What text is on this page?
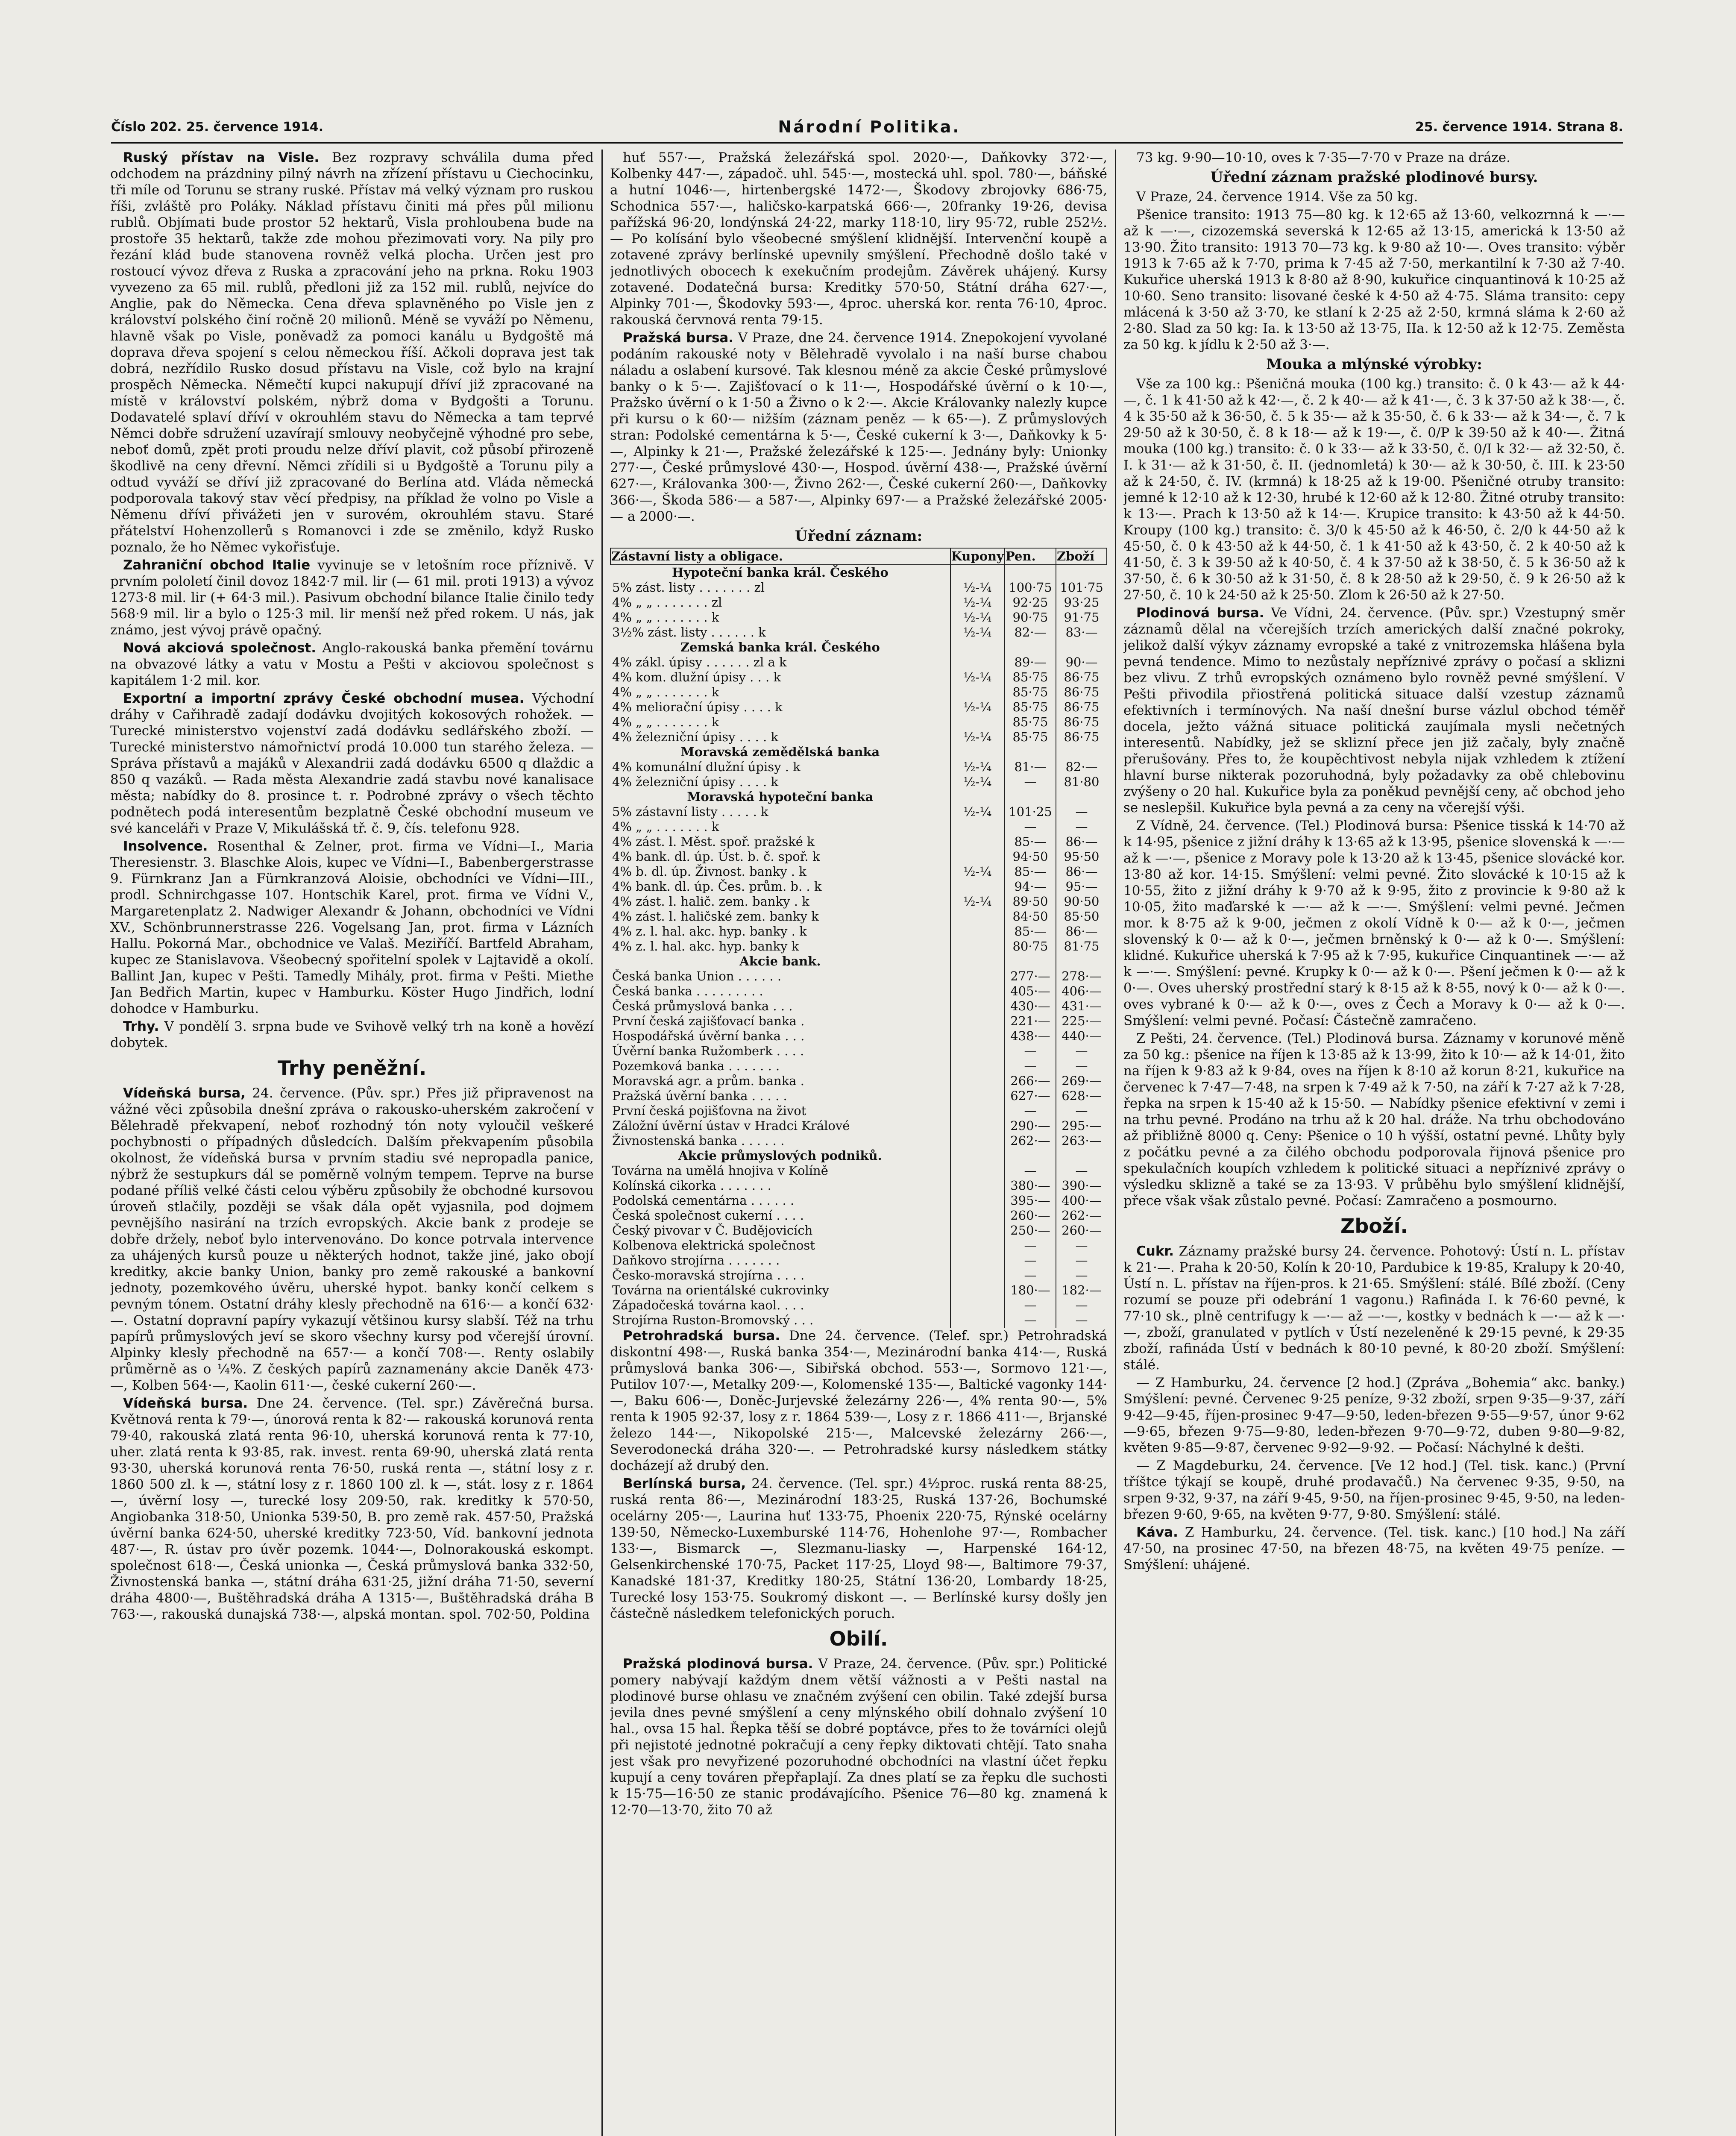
Číslo 202. 25. července 1914.	Národní Politika.	25. července 1914. Strana 8.

Ruský přístav na Visle. Bez rozpravy schválila duma před odchodem na prázdniny pilný návrh na zřízení přístavu u Ciechocinku, tři míle od Torunu se strany ruské. Přístav má velký význam pro ruskou říši, zvláště pro Poláky. Náklad přístavu činiti má přes půl milionu rublů. Objímati bude prostor 52 hektarů, Visla prohloubena bude na prostoře 35 hektarů, takže zde mohou přezimovati vory. Na pily pro řezání klád bude stanovena rovněž velká plocha. Určen jest pro rostoucí vývoz dřeva z Ruska a zpracování jeho na prkna. Roku 1903 vyvezeno za 65 mil. rublů, předloni již za 152 mil. rublů, nejvíce do Anglie, pak do Německa. Cena dřeva splavněného po Visle jen z království polského činí ročně 20 milionů. Méně se vyváží po Němenu, hlavně však po Visle, poněvadž za pomoci kanálu u Bydgoště má doprava dřeva spojení s celou německou říší. Ačkoli doprava jest tak dobrá, nezřídilo Rusko dosud přístavu na Visle, což bylo na krajní prospěch Německa. Němečtí kupci nakupují dříví již zpracované na místě v království polském, nýbrž doma v Bydgošti a Torunu. Dodavatelé splaví dříví v okrouhlém stavu do Německa a tam teprvé Němci dobře sdružení uzavírají smlouvy neobyčejně výhodné pro sebe, neboť domů, zpět proti proudu nelze dříví plavit, což působí přirozeně škodlivě na ceny dřevní. Němci zřídili si u Bydgoště a Torunu pily a odtud vyváží se dříví již zpracované do Berlína atd. Vláda německá podporovala takový stav věcí předpisy, na příklad že volno po Visle a Němenu dříví přivážeti jen v surovém, okrouhlém stavu. Staré přátelství Hohenzollerů s Romanovci i zde se změnilo, když Rusko poznalo, že ho Němec vykořisťuje.

Zahraniční obchod Italie vyvinuje se v letošním roce příznivě. V prvním pololetí činil dovoz 1842·7 mil. lir (— 61 mil. proti 1913) a vývoz 1273·8 mil. lir (+ 64·3 mil.). Pasivum obchodní bilance Italie činilo tedy 568·9 mil. lir a bylo o 125·3 mil. lir menší než před rokem. U nás, jak známo, jest vývoj právě opačný.

Nová akciová společnost. Anglo-rakouská banka přemění továrnu na obvazové látky a vatu v Mostu a Pešti v akciovou společnost s kapitálem 1·2 mil. kor.

Exportní a importní zprávy České obchodní musea. Východní dráhy v Cařihradě zadají dodávku dvojitých kokosových rohožek. — Turecké ministerstvo vojenství zadá dodávku sedlářského zboží. — Turecké ministerstvo námořnictví prodá 10.000 tun starého železa. — Správa přístavů a majáků v Alexandrii zadá dodávku 6500 q dlaždic a 850 q vazáků. — Rada města Alexandrie zadá stavbu nové kanalisace města; nabídky do 8. prosince t. r. Podrobné zprávy o všech těchto podnětech podá interesentům bezplatně České obchodní museum ve své kanceláři v Praze V, Mikulášská tř. č. 9, čís. telefonu 928.

Insolvence. Rosenthal & Zelner, prot. firma ve Vídni—I., Maria Theresienstr. 3. Blaschke Alois, kupec ve Vídni—I., Babenbergerstrasse 9. Fürnkranz Jan a Fürnkranzová Aloisie, obchodníci ve Vídni—III., prodl. Schnirchgasse 107. Hontschik Karel, prot. firma ve Vídni V., Margaretenplatz 2. Nadwiger Alexandr & Johann, obchodníci ve Vídni XV., Schönbrunnerstrasse 226. Vogelsang Jan, prot. firma v Lázních Hallu. Pokorná Mar., obchodnice ve Valaš. Meziříčí. Bartfeld Abraham, kupec ze Stanislavova. Všeobecný spořitelní spolek v Lajtavidě a okolí. Ballint Jan, kupec v Pešti. Tamedly Mihály, prot. firma v Pešti. Miethe Jan Bedřich Martin, kupec v Hamburku. Köster Hugo Jindřich, lodní dohodce v Hamburku.

Trhy. V pondělí 3. srpna bude ve Svihově velký trh na koně a hovězí dobytek.

Trhy peněžní.

Vídeňská bursa, 24. července. (Pův. spr.) Přes již připravenost na vážné věci způsobila dnešní zpráva o rakousko-uherském zakročení v Bělehradě překvapení, neboť rozhodný tón noty vyloučil veškeré pochybnosti o případných důsledcích. Dalším překvapením působila okolnost, že vídeňská bursa v prvním stadiu své nepropadla panice, nýbrž že sestupkurs dál se poměrně volným tempem. Teprve na burse podané příliš velké části celou výběru způsobily že obchodné kursovou úroveň stlačily, později se však dála opět vyjasnila, pod dojmem pevnějšího nasirání na trzích evropských. Akcie bank z prodeje se dobře držely, neboť bylo intervenováno. Do konce potrvala intervence za uhájených kursů pouze u některých hodnot, takže jiné, jako obojí kreditky, akcie banky Union, banky pro země rakouské a bankovní jednoty, pozemkového úvěru, uherské hypot. banky končí celkem s pevným tónem. Ostatní dráhy klesly přechodně na 616·— a končí 632·—. Ostatní dopravní papíry vykazují většinou kursy slabší. Též na trhu papírů průmyslových jeví se skoro všechny kursy pod včerejší úrovní. Alpinky klesly přechodně na 657·— a končí 708·—. Renty oslabily průměrně as o ¼%. Z českých papírů zaznamenány akcie Daněk 473·—, Kolben 564·—, Kaolin 611·—, české cukerní 260·—.

Vídeňská bursa. Dne 24. července. (Tel. spr.) Závěrečná bursa. Květnová renta k 79·—, únorová renta k 82·— rakouská korunová renta 79·40, rakouská zlatá renta 96·10, uherská korunová renta k 77·10, uher. zlatá renta k 93·85, rak. invest. renta 69·90, uherská zlatá renta 93·30, uherská korunová renta 76·50, ruská renta —, státní losy z r. 1860 500 zl. k —, státní losy z r. 1860 100 zl. k —, stát. losy z r. 1864 —, úvěrní losy —, turecké losy 209·50, rak. kreditky k 570·50, Angiobanka 318·50, Unionka 539·50, B. pro země rak. 457·50, Pražská úvěrní banka 624·50, uherské kreditky 723·50, Víd. bankovní jednota 487·—, R. ústav pro úvěr pozemk. 1044·—, Dolnorakouská eskompt. společnost 618·—, Česká unionka —, Česká průmyslová banka 332·50, Živnostenská banka —, státní dráha 631·25, jižní dráha 71·50, severní dráha 4800·—, Buštěhradská dráha A 1315·—, Buštěhradská dráha B 763·—, rakouská dunajská 738·—, alpská montan. spol. 702·50, Poldina

huť 557·—, Pražská železářská spol. 2020·—, Daňkovky 372·—, Kolbenky 447·—, západoč. uhl. 545·—, mostecká uhl. spol. 780·—, báňské a hutní 1046·—, hirtenbergské 1472·—, Škodovy zbrojovky 686·75, Schodnica 557·—, haličsko-karpatská 666·—, 20franky 19·26, devisa pařížská 96·20, londýnská 24·22, marky 118·10, liry 95·72, ruble 252½. — Po kolísání bylo všeobecné smýšlení klidnější. Intervenční koupě a zotavené zprávy berlínské upevnily smýšlení. Přechodně došlo také v jednotlivých obocech k exekučním prodejům. Závěrek uhájený. Kursy zotavené. Dodatečná bursa: Kreditky 570·50, Státní dráha 627·—, Alpinky 701·—, Škodovky 593·—, 4proc. uherská kor. renta 76·10, 4proc. rakouská červnová renta 79·15.

Pražská bursa. V Praze, dne 24. července 1914. Znepokojení vyvolané podáním rakouské noty v Bělehradě vyvolalo i na naší burse chabou náladu a oslabení kursové. Tak klesnou méně za akcie České průmyslové banky o k 5·—. Zajišťovací o k 11·—, Hospodářské úvěrní o k 10·—, Pražsko úvěrní o k 1·50 a Živno o k 2·—. Akcie Královanky nalezly kupce při kursu o k 60·— nižším (záznam peněz — k 65·—). Z průmyslových stran: Podolské cementárna k 5·—, České cukerní k 3·—, Daňkovky k 5·—, Alpinky k 21·—, Pražské železářské k 125·—. Jednány byly: Unionky 277·—, České průmyslové 430·—, Hospod. úvěrní 438·—, Pražské úvěrní 627·—, Královanka 300·—, Živno 262·—, České cukerní 260·—, Daňkovky 366·—, Škoda 586·— a 587·—, Alpinky 697·— a Pražské železářské 2005·— a 2000·—.

Úřední záznam:
Zástavní listy a obligace.	Kupony	Pen.	Zboží
Hypoteční banka král. Českého			
5% zást. listy . . . . . . . zl	½-¼	100·75	101·75
4% „ „ . . . . . . . zl	½-¼	92·25	93·25
4% „ „ . . . . . . . k	½-¼	90·75	91·75
3½% zást. listy . . . . . . k	½-¼	82·—	83·—
Zemská banka král. Českého			
4% zákl. úpisy . . . . . . zl a k		89·—	90·—
4% kom. dlužní úpisy . . . k	½-¼	85·75	86·75
4% „ „ . . . . . . . k		85·75	86·75
4% meliorační úpisy . . . . k	½-¼	85·75	86·75
4% „ „ . . . . . . . k		85·75	86·75
4% železniční úpisy . . . . k	½-¼	85·75	86·75
Moravská zemědělská banka			
4% komunální dlužní úpisy . k	½-¼	81·—	82·—
4% železniční úpisy . . . . k	½-¼	—	81·80
Moravská hypoteční banka			
5% zástavní listy . . . . . k	½-¼	101·25	—
4% „ „ . . . . . . . k		—	—
4% zást. l. Měst. spoř. pražské k		85·—	86·—
4% bank. dl. úp. Úst. b. č. spoř. k		94·50	95·50
4% b. dl. úp. Živnost. banky . k	½-¼	85·—	86·—
4% bank. dl. úp. Čes. prům. b. . k		94·—	95·—
4% zást. l. halič. zem. banky . k	½-¼	89·50	90·50
4% zást. l. haličské zem. banky k		84·50	85·50
4% z. l. hal. akc. hyp. banky . k		85·—	86·—
4% z. l. hal. akc. hyp. banky k		80·75	81·75
Akcie bank.			
Česká banka Union . . . . . .		277·—	278·—
Česká banka . . . . . . . . .		405·—	406·—
Česká průmyslová banka . . .		430·—	431·—
První česká zajišťovací banka .		221·—	225·—
Hospodářská úvěrní banka . . .		438·—	440·—
Úvěrní banka Ružomberk . . . .		—	—
Pozemková banka . . . . . . .		—	—
Moravská agr. a prům. banka .		266·—	269·—
Pražská úvěrní banka . . . . .		627·—	628·—
První česká pojišťovna na život		—	—
Záložní úvěrní ústav v Hradci Králové		290·—	295·—
Živnostenská banka . . . . . .		262·—	263·—
Akcie průmyslových podniků.			
Továrna na umělá hnojiva v Kolíně		—	—
Kolínská cikorka . . . . . . .		380·—	390·—
Podolská cementárna . . . . . .		395·—	400·—
Česká společnost cukerní . . . .		260·—	262·—
Český pivovar v Č. Budějovicích		250·—	260·—
Kolbenova elektrická společnost		—	—
Daňkovo strojírna . . . . . . .		—	—
Česko-moravská strojírna . . . .		—	—
Továrna na orientálské cukrovinky		180·—	182·—
Západočeská továrna kaol. . . .		—	—
Strojírna Ruston-Bromovský . . .		—	—

Petrohradská bursa. Dne 24. července. (Telef. spr.) Petrohradská diskontní 498·—, Ruská banka 354·—, Mezinárodní banka 414·—, Ruská průmyslová banka 306·—, Sibiřská obchod. 553·—, Sormovo 121·—, Putilov 107·—, Metalky 209·—, Kolomenské 135·—, Baltické vagonky 144·—, Baku 606·—, Doněc-Jurjevské železárny 226·—, 4% renta 90·—, 5% renta k 1905 92·37, losy z r. 1864 539·—, Losy z r. 1866 411·—, Brjanské železo 144·—, Nikopolské 215·—, Malcevské železárny 266·—, Severodonecká dráha 320·—. — Petrohradské kursy následkem státky docházejí až drubý den.

Berlínská bursa, 24. července. (Tel. spr.) 4½proc. ruská renta 88·25, ruská renta 86·—, Mezinárodní 183·25, Ruská 137·26, Bochumské ocelárny 205·—, Laurina huť 133·75, Phoenix 220·75, Rýnské ocelárny 139·50, Německo-Luxemburské 114·76, Hohenlohe 97·—, Rombacher 133·—, Bismarck —, Slezmanu-liasky —, Harpenské 164·12, Gelsenkirchenské 170·75, Packet 117·25, Lloyd 98·—, Baltimore 79·37, Kanadské 181·37, Kreditky 180·25, Státní 136·20, Lombardy 18·25, Turecké losy 153·75. Soukromý diskont —. — Berlínské kursy došly jen částečně následkem telefonických poruch.

Obilí.

Pražská plodinová bursa. V Praze, 24. července. (Pův. spr.) Politické pomery nabývají každým dnem větší vážnosti a v Pešti nastal na plodinové burse ohlasu ve značném zvýšení cen obilin. Také zdejší bursa jevila dnes pevné smýšlení a ceny mlýnského obilí dohnalo zvýšení 10 hal., ovsa 15 hal. Řepka těší se dobré poptávce, přes to že továrníci olejů při nejistoté jednotné pokračují a ceny řepky diktovati chtějí. Tato snaha jest však pro nevyřizené pozoruhodné obchodníci na vlastní účet řepku kupují a ceny továren přepřaplají. Za dnes platí se za řepku dle suchosti k 15·75—16·50 ze stanic prodávajícího. Pšenice 76—80 kg. znamená k 12·70—13·70, žito 70 až

73 kg. 9·90—10·10, oves k 7·35—7·70 v Praze na dráze.

Úřední záznam pražské plodinové bursy.

V Praze, 24. července 1914. Vše za 50 kg.

Pšenice transito: 1913 75—80 kg. k 12·65 až 13·60, velkozrnná k —·— až k —·—, cizozemská severská k 12·65 až 13·15, americká k 13·50 až 13·90. Žito transito: 1913 70—73 kg. k 9·80 až 10·—. Oves transito: výběr 1913 k 7·65 až k 7·70, prima k 7·45 až 7·50, merkantilní k 7·30 až 7·40. Kukuřice uherská 1913 k 8·80 až 8·90, kukuřice cinquantinová k 10·25 až 10·60. Seno transito: lisované české k 4·50 až 4·75. Sláma transito: cepy mlácená k 3·50 až 3·70, ke stlaní k 2·25 až 2·50, krmná sláma k 2·60 až 2·80. Slad za 50 kg: Ia. k 13·50 až 13·75, IIa. k 12·50 až k 12·75. Zeměsta za 50 kg. k jídlu k 2·50 až 3·—.

Mouka a mlýnské výrobky:

Vše za 100 kg.: Pšeničná mouka (100 kg.) transito: č. 0 k 43·— až k 44·—, č. 1 k 41·50 až k 42·—, č. 2 k 40·— až k 41·—, č. 3 k 37·50 až k 38·—, č. 4 k 35·50 až k 36·50, č. 5 k 35·— až k 35·50, č. 6 k 33·— až k 34·—, č. 7 k 29·50 až k 30·50, č. 8 k 18·— až k 19·—, č. 0/P k 39·50 až k 40·—. Žitná mouka (100 kg.) transito: č. 0 k 33·— až k 33·50, č. 0/I k 32·— až 32·50, č. I. k 31·— až k 31·50, č. II. (jednomletá) k 30·— až k 30·50, č. III. k 23·50 až k 24·50, č. IV. (krmná) k 18·25 až k 19·00. Pšeničné otruby transito: jemné k 12·10 až k 12·30, hrubé k 12·60 až k 12·80. Žitné otruby transito: k 13·—. Prach k 13·50 až k 14·—. Krupice transito: k 43·50 až k 44·50. Kroupy (100 kg.) transito: č. 3/0 k 45·50 až k 46·50, č. 2/0 k 44·50 až k 45·50, č. 0 k 43·50 až k 44·50, č. 1 k 41·50 až k 43·50, č. 2 k 40·50 až k 41·50, č. 3 k 39·50 až k 40·50, č. 4 k 37·50 až k 38·50, č. 5 k 36·50 až k 37·50, č. 6 k 30·50 až k 31·50, č. 8 k 28·50 až k 29·50, č. 9 k 26·50 až k 27·50, č. 10 k 24·50 až k 25·50. Zlom k 26·50 až k 27·50.

Plodinová bursa. Ve Vídni, 24. července. (Pův. spr.) Vzestupný směr záznamů dělal na včerejších trzích amerických další značné pokroky, jelikož další výkyv záznamy evropské a také z vnitrozemska hlášena byla pevná tendence. Mimo to nezůstaly nepříznivé zprávy o počasí a sklizni bez vlivu. Z trhů evropských oznámeno bylo rovněž pevné smýšlení. V Pešti přivodila přiostřená politická situace další vzestup záznamů efektivních i termínových. Na naší dnešní burse vázlul obchod téměř docela, ježto vážná situace politická zaujímala mysli nečetných interesentů. Nabídky, jež se sklizní přece jen již začaly, byly značně přerušovány. Přes to, že koupěchtivost nebyla nijak vzhledem k ztížení hlavní burse nikterak pozoruhodná, byly požadavky za obě chlebovinu zvýšeny o 20 hal. Kukuřice byla za poněkud pevnější ceny, ač obchod jeho se neslepšil. Kukuřice byla pevná a za ceny na včerejší výši.

Z Vídně, 24. července. (Tel.) Plodinová bursa: Pšenice tisská k 14·70 až k 14·95, pšenice z jižní dráhy k 13·65 až k 13·95, pšenice slovenská k —·— až k —·—, pšenice z Moravy pole k 13·20 až k 13·45, pšenice slovácké kor. 13·80 až kor. 14·15. Smýšlení: velmi pevné. Žito slovácké k 10·15 až k 10·55, žito z jižní dráhy k 9·70 až k 9·95, žito z provincie k 9·80 až k 10·05, žito maďarské k —·— až k —·—. Smýšlení: velmi pevné. Ječmen mor. k 8·75 až k 9·00, ječmen z okolí Vídně k 0·— až k 0·—, ječmen slovenský k 0·— až k 0·—, ječmen brněnský k 0·— až k 0·—. Smýšlení: klidné. Kukuřice uherská k 7·95 až k 7·95, kukuřice Cinquantinek —·— až k —·—. Smýšlení: pevné. Krupky k 0·— až k 0·—. Pšení ječmen k 0·— až k 0·—. Oves uherský prostřední starý k 8·15 až k 8·55, nový k 0·— až k 0·—. oves vybrané k 0·— až k 0·—, oves z Čech a Moravy k 0·— až k 0·—. Smýšlení: velmi pevné. Počasí: Částečně zamračeno.

Z Pešti, 24. července. (Tel.) Plodinová bursa. Záznamy v korunové měně za 50 kg.: pšenice na říjen k 13·85 až k 13·99, žito k 10·— až k 14·01, žito na říjen k 9·83 až k 9·84, oves na říjen k 8·10 až korun 8·21, kukuřice na červenec k 7·47—7·48, na srpen k 7·49 až k 7·50, na září k 7·27 až k 7·28, řepka na srpen k 15·40 až k 15·50. — Nabídky pšenice efektivní v zemi i na trhu pevné. Prodáno na trhu až k 20 hal. dráže. Na trhu obchodováno až přibližně 8000 q. Ceny: Pšenice o 10 h výšší, ostatní pevné. Lhůty byly z počátku pevné a za čilého obchodu podporovala řijnová pšenice pro spekulačních koupích vzhledem k politické situaci a nepříznivé zprávy o výsledku sklizně a také se za 13·93. V průběhu bylo smýšlení klidnější, přece však však zůstalo pevné. Počasí: Zamračeno a posmourno.

Zboží.

Cukr. Záznamy pražské bursy 24. července. Pohotový: Ústí n. L. přístav k 21·—. Praha k 20·50, Kolín k 20·10, Pardubice k 19·85, Kralupy k 20·40, Ústí n. L. přístav na říjen-pros. k 21·65. Smýšlení: stálé. Bílé zboží. (Ceny rozumí se pouze při odebrání 1 vagonu.) Rafináda I. k 76·60 pevné, k 77·10 sk., plně centrifugy k —·— až —·—, kostky v bednách k —·— až k —·—, zboží, granulated v pytlích v Ústí nezeleněné k 29·15 pevné, k 29·35 zboží, rafináda Ústí v bednách k 80·10 pevné, k 80·20 zboží. Smýšlení: stálé.

— Z Hamburku, 24. července [2 hod.] (Zpráva „Bohemia“ akc. banky.) Smýšlení: pevné. Červenec 9·25 peníze, 9·32 zboží, srpen 9·35—9·37, září 9·42—9·45, říjen-prosinec 9·47—9·50, leden-březen 9·55—9·57, únor 9·62—9·65, březen 9·75—9·80, leden-březen 9·70—9·72, duben 9·80—9·82, květen 9·85—9·87, červenec 9·92—9·92. — Počasí: Náchylné k dešti.

— Z Magdeburku, 24. července. [Ve 12 hod.] (Tel. tisk. kanc.) (První tříštce týkají se koupě, druhé prodavačů.) Na červenec 9·35, 9·50, na srpen 9·32, 9·37, na září 9·45, 9·50, na říjen-prosinec 9·45, 9·50, na leden-březen 9·60, 9·65, na květen 9·77, 9·80. Smýšlení: stálé.

Káva. Z Hamburku, 24. července. (Tel. tisk. kanc.) [10 hod.] Na září 47·50, na prosinec 47·50, na březen 48·75, na květen 49·75 peníze. — Smýšlení: uhájené.
